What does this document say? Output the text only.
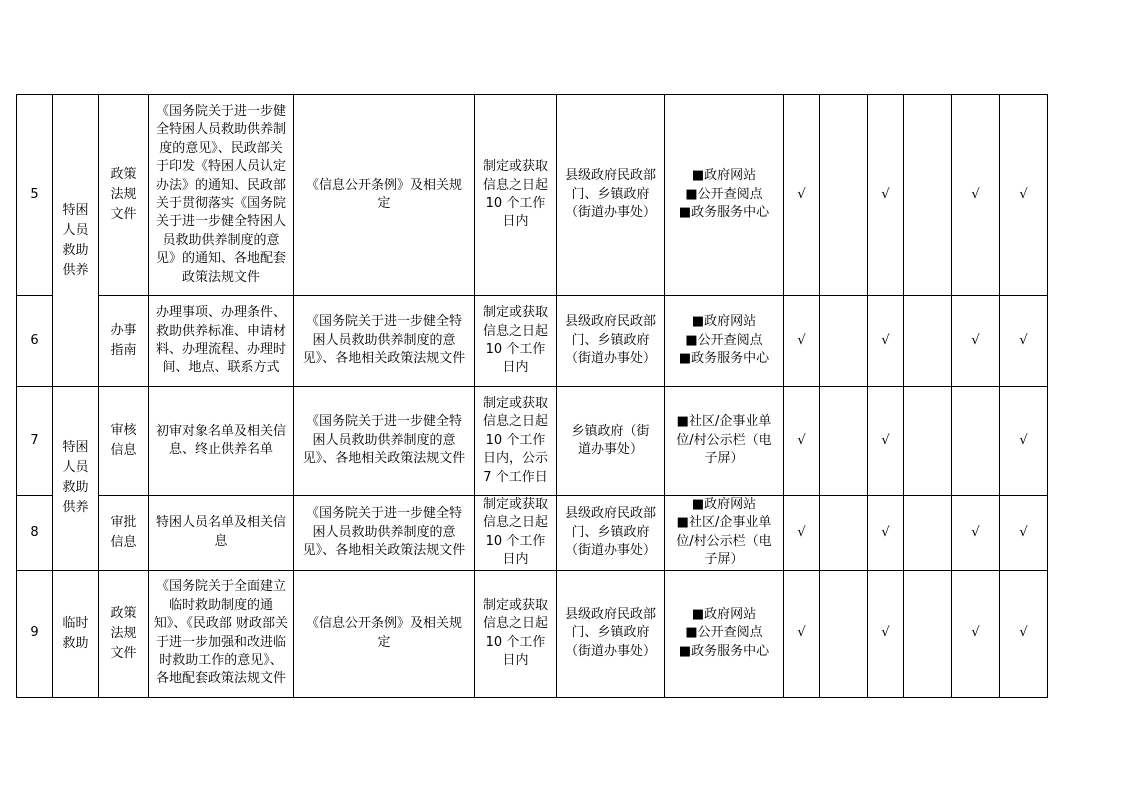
5	特困人员救助供养	政策法规文件	《国务院关于进一步健全特困人员救助供养制度的意见》、民政部关于印发《特困人员认定办法》的通知、民政部关于贯彻落实《国务院关于进一步健全特困人员救助供养制度的意见》的通知、各地配套政策法规文件	《信息公开条例》及相关规定	制定或获取信息之日起 10 个工作日内	县级政府民政部门、乡镇政府（街道办事处）	■政府网站
■公开查阅点
■政务服务中心	√		√		√	√
6		办事指南	办理事项、办理条件、救助供养标准、申请材料、办理流程、办理时间、地点、联系方式	《国务院关于进一步健全特困人员救助供养制度的意见》、各地相关政策法规文件	制定或获取信息之日起 10 个工作日内	县级政府民政部门、乡镇政府（街道办事处）	■政府网站
■公开查阅点
■政务服务中心	√		√		√	√
7	特困人员救助供养	审核信息	初审对象名单及相关信息、终止供养名单	《国务院关于进一步健全特困人员救助供养制度的意见》、各地相关政策法规文件	制定或获取信息之日起 10 个工作日内，公示 7 个工作日	乡镇政府（街道办事处）	■社区/企事业单位/村公示栏（电子屏）	√		√			√
8		审批信息	特困人员名单及相关信息	《国务院关于进一步健全特困人员救助供养制度的意见》、各地相关政策法规文件	制定或获取信息之日起 10 个工作日内	县级政府民政部门、乡镇政府（街道办事处）	■政府网站
■社区/企事业单位/村公示栏（电子屏）	√		√		√	√
9	临时救助	政策法规文件	《国务院关于全面建立临时救助制度的通知》、《民政部 财政部关于进一步加强和改进临时救助工作的意见》、各地配套政策法规文件	《信息公开条例》及相关规定	制定或获取信息之日起 10 个工作日内	县级政府民政部门、乡镇政府（街道办事处）	■政府网站
■公开查阅点
■政务服务中心	√		√		√	√
